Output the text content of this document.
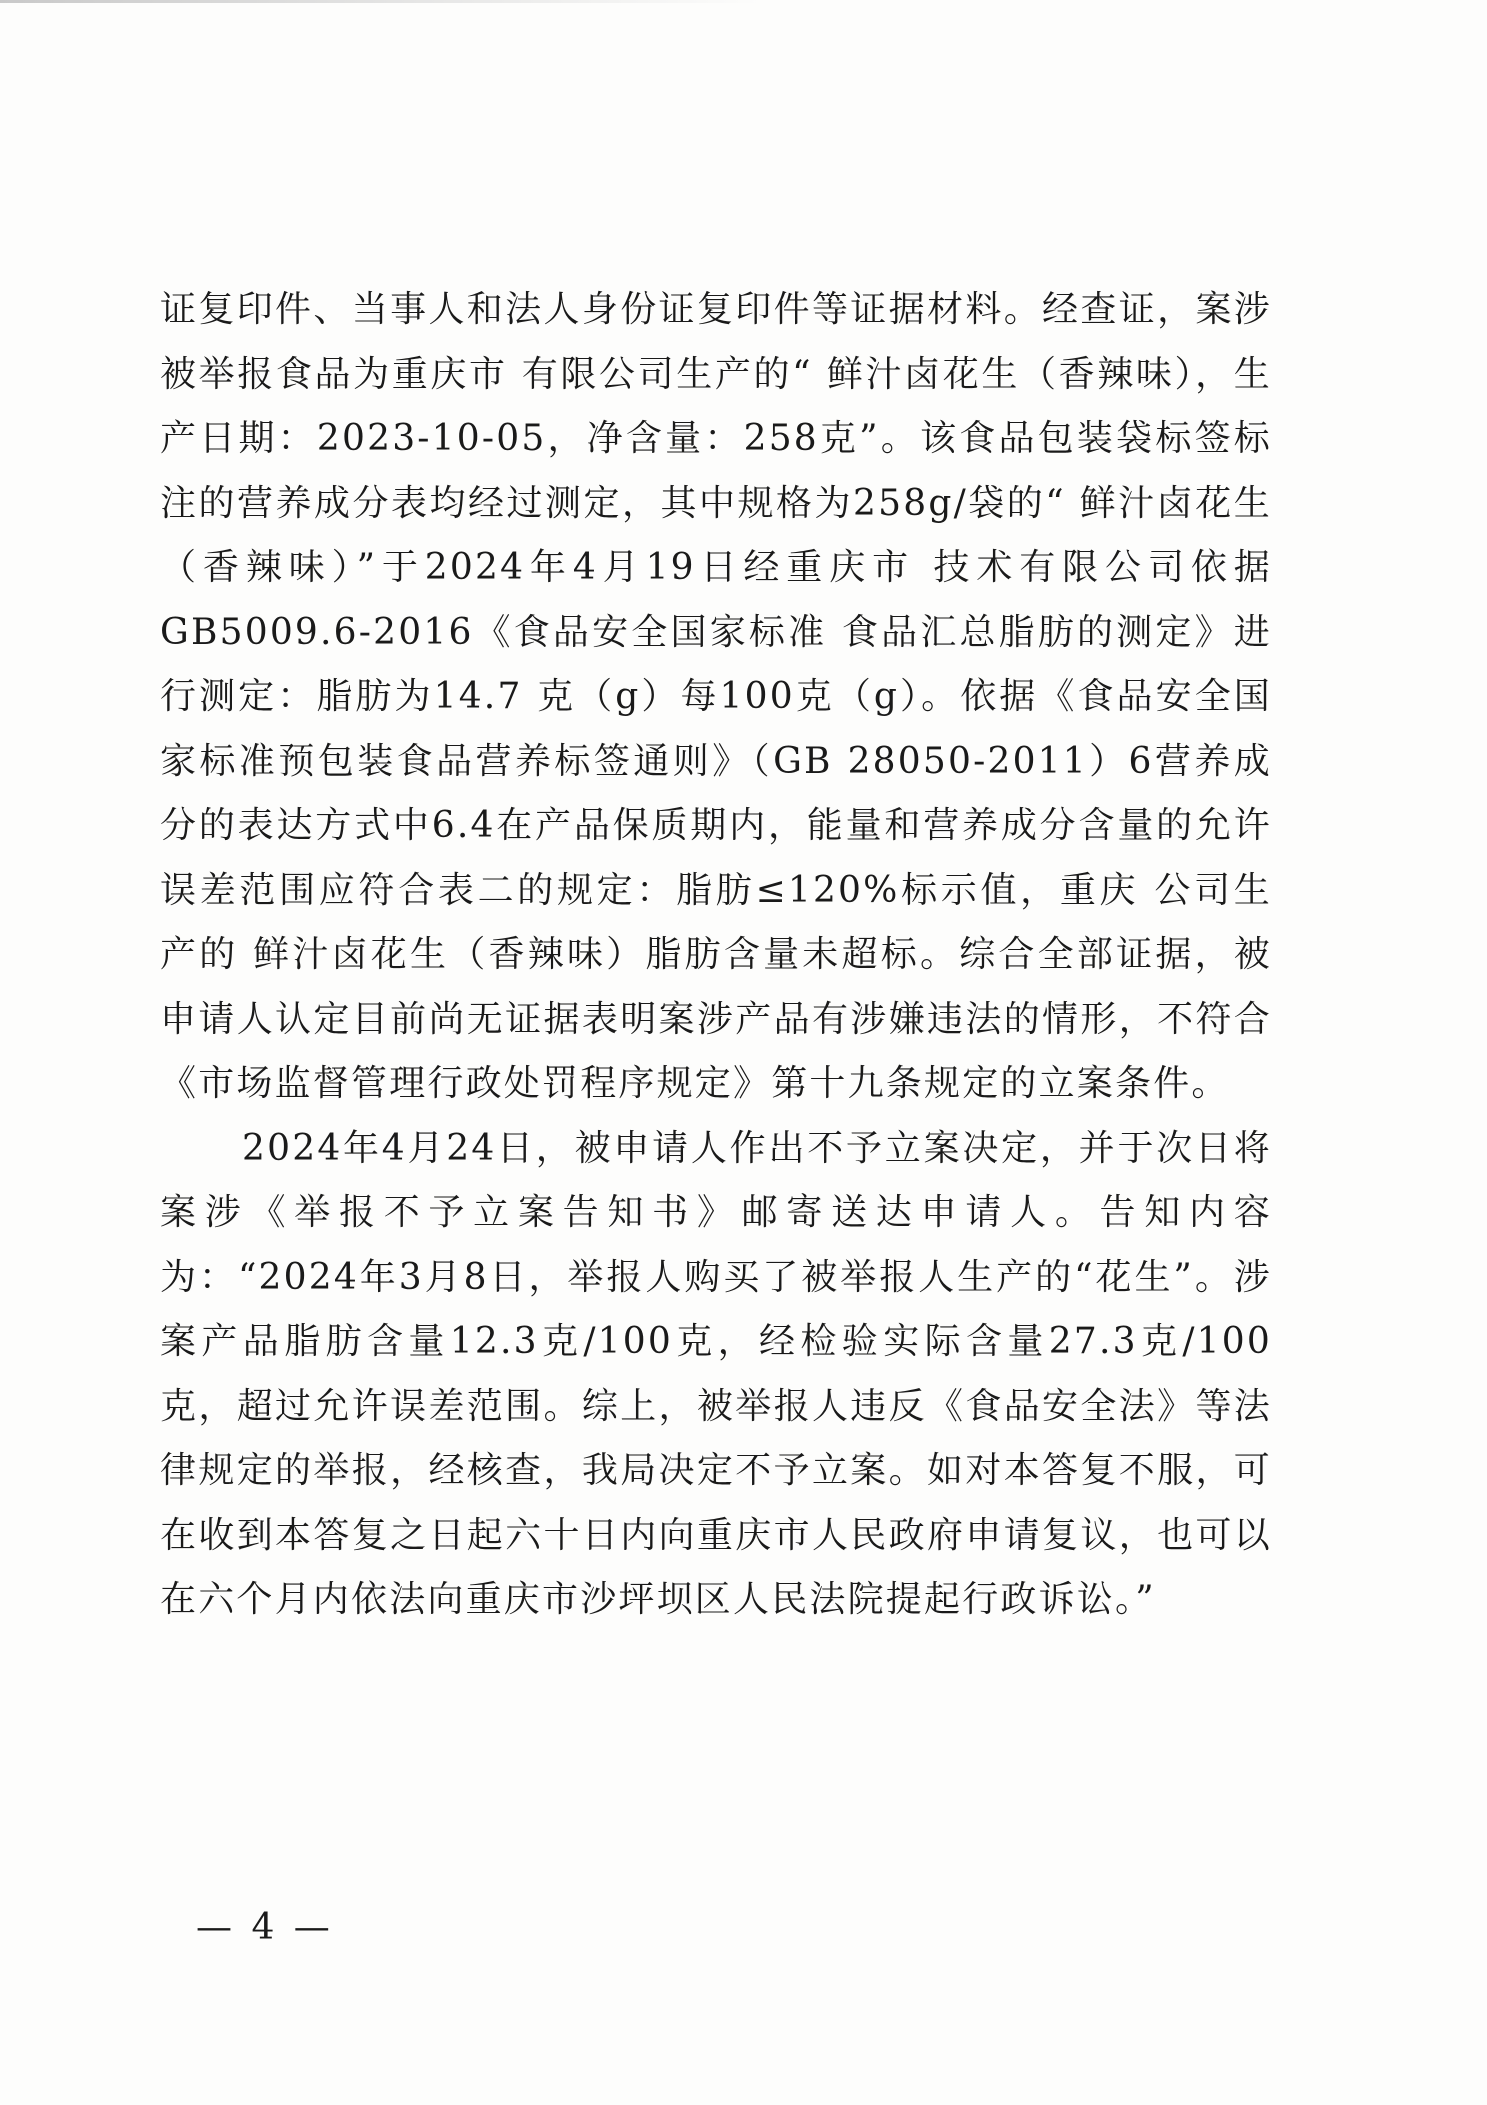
证复印件、当事人和法人身份证复印件等证据材料。经查证，案涉被举报食品为重庆市 有限公司生产的“ 鲜汁卤花生（香辣味），生产日期：2023-10-05，净含量：258克”。该食品包装袋标签标注的营养成分表均经过测定，其中规格为258g/袋的“ 鲜汁卤花生（香辣味）”于2024年4月19日经重庆市 技术有限公司依据GB5009.6-2016《食品安全国家标准 食品汇总脂肪的测定》进行测定：脂肪为14.7 克（g）每100克（g）。依据《食品安全国家标准预包装食品营养标签通则》（GB 28050-2011）6营养成分的表达方式中6.4在产品保质期内，能量和营养成分含量的允许误差范围应符合表二的规定：脂肪≤120%标示值，重庆 公司生产的 鲜汁卤花生（香辣味）脂肪含量未超标。综合全部证据，被申请人认定目前尚无证据表明案涉产品有涉嫌违法的情形，不符合《市场监督管理行政处罚程序规定》第十九条规定的立案条件。

2024年4月24日，被申请人作出不予立案决定，并于次日将案涉《举报不予立案告知书》邮寄送达申请人。告知内容为：“2024年3月8日，举报人购买了被举报人生产的“花生”。涉案产品脂肪含量12.3克/100克，经检验实际含量27.3克/100克，超过允许误差范围。综上，被举报人违反《食品安全法》等法律规定的举报，经核查，我局决定不予立案。如对本答复不服，可在收到本答复之日起六十日内向重庆市人民政府申请复议，也可以在六个月内依法向重庆市沙坪坝区人民法院提起行政诉讼。”

— 4 —
